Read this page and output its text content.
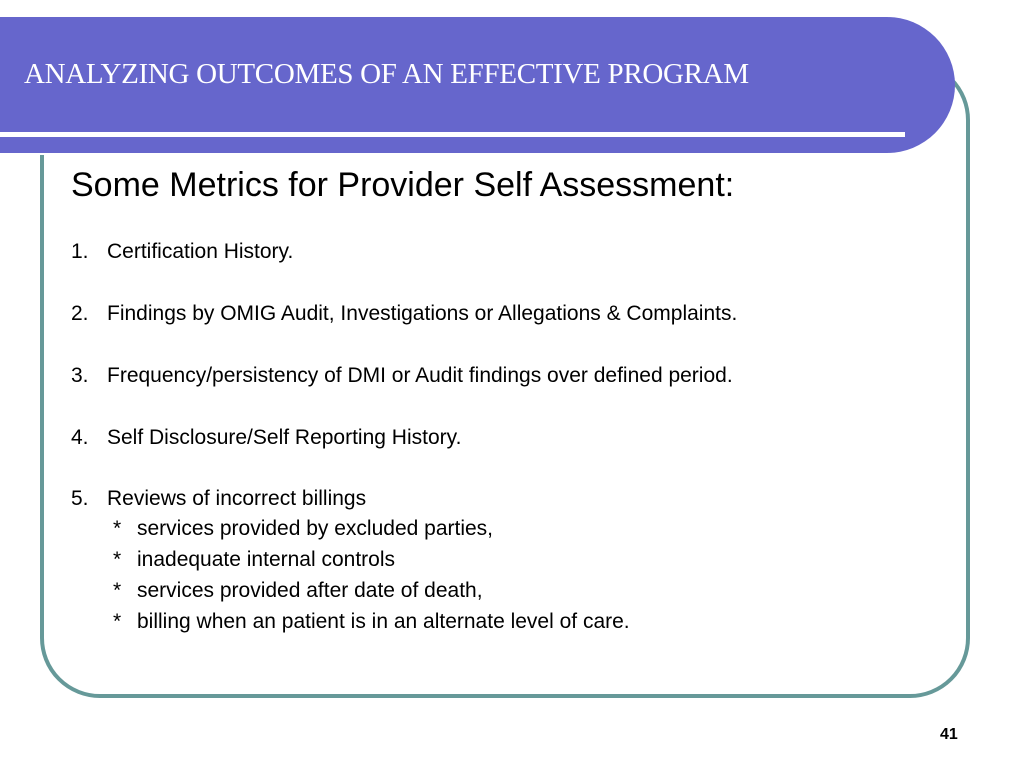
ANALYZING OUTCOMES OF AN EFFECTIVE PROGRAM
Some Metrics for Provider Self Assessment:
1. Certification History.
2. Findings by OMIG Audit, Investigations or Allegations & Complaints.
3. Frequency/persistency of DMI or Audit findings over defined period.
4. Self Disclosure/Self Reporting History.
5. Reviews of incorrect billings
* services provided by excluded parties,
* inadequate internal controls
* services provided after date of death,
* billing when an patient is in an alternate level of care.
41
